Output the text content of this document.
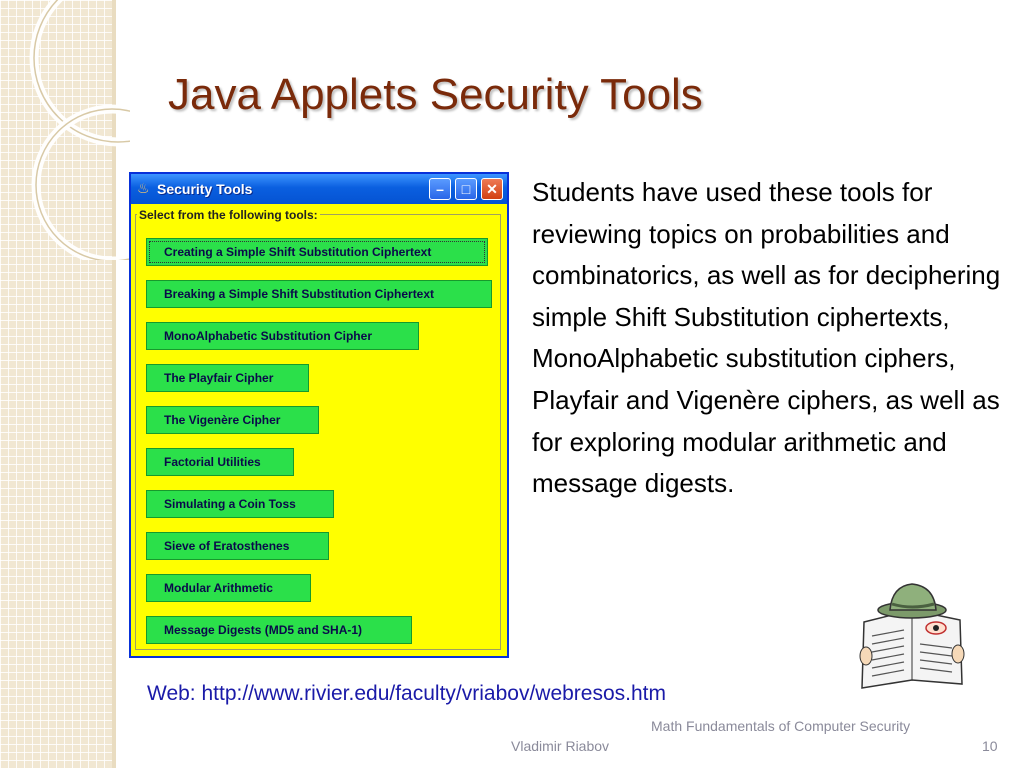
Java Applets Security Tools
♨ Security Tools	–	□	✕
Select from the following tools:
Creating a Simple Shift Substitution Ciphertext
Breaking a Simple Shift Substitution Ciphertext
MonoAlphabetic Substitution Cipher
The Playfair Cipher
The Vigenère Cipher
Factorial Utilities
Simulating a Coin Toss
Sieve of Eratosthenes
Modular Arithmetic
Message Digests (MD5 and SHA-1)

Students have used these tools for reviewing topics on probabilities and combinatorics, as well as for deciphering simple Shift Substitution ciphertexts, MonoAlphabetic substitution ciphers, Playfair and Vigenère ciphers, as well as for exploring modular arithmetic and message digests.

Web: http://www.rivier.edu/faculty/vriabov/webresos.htm
Vladimir Riabov
Math Fundamentals of Computer Security
10
